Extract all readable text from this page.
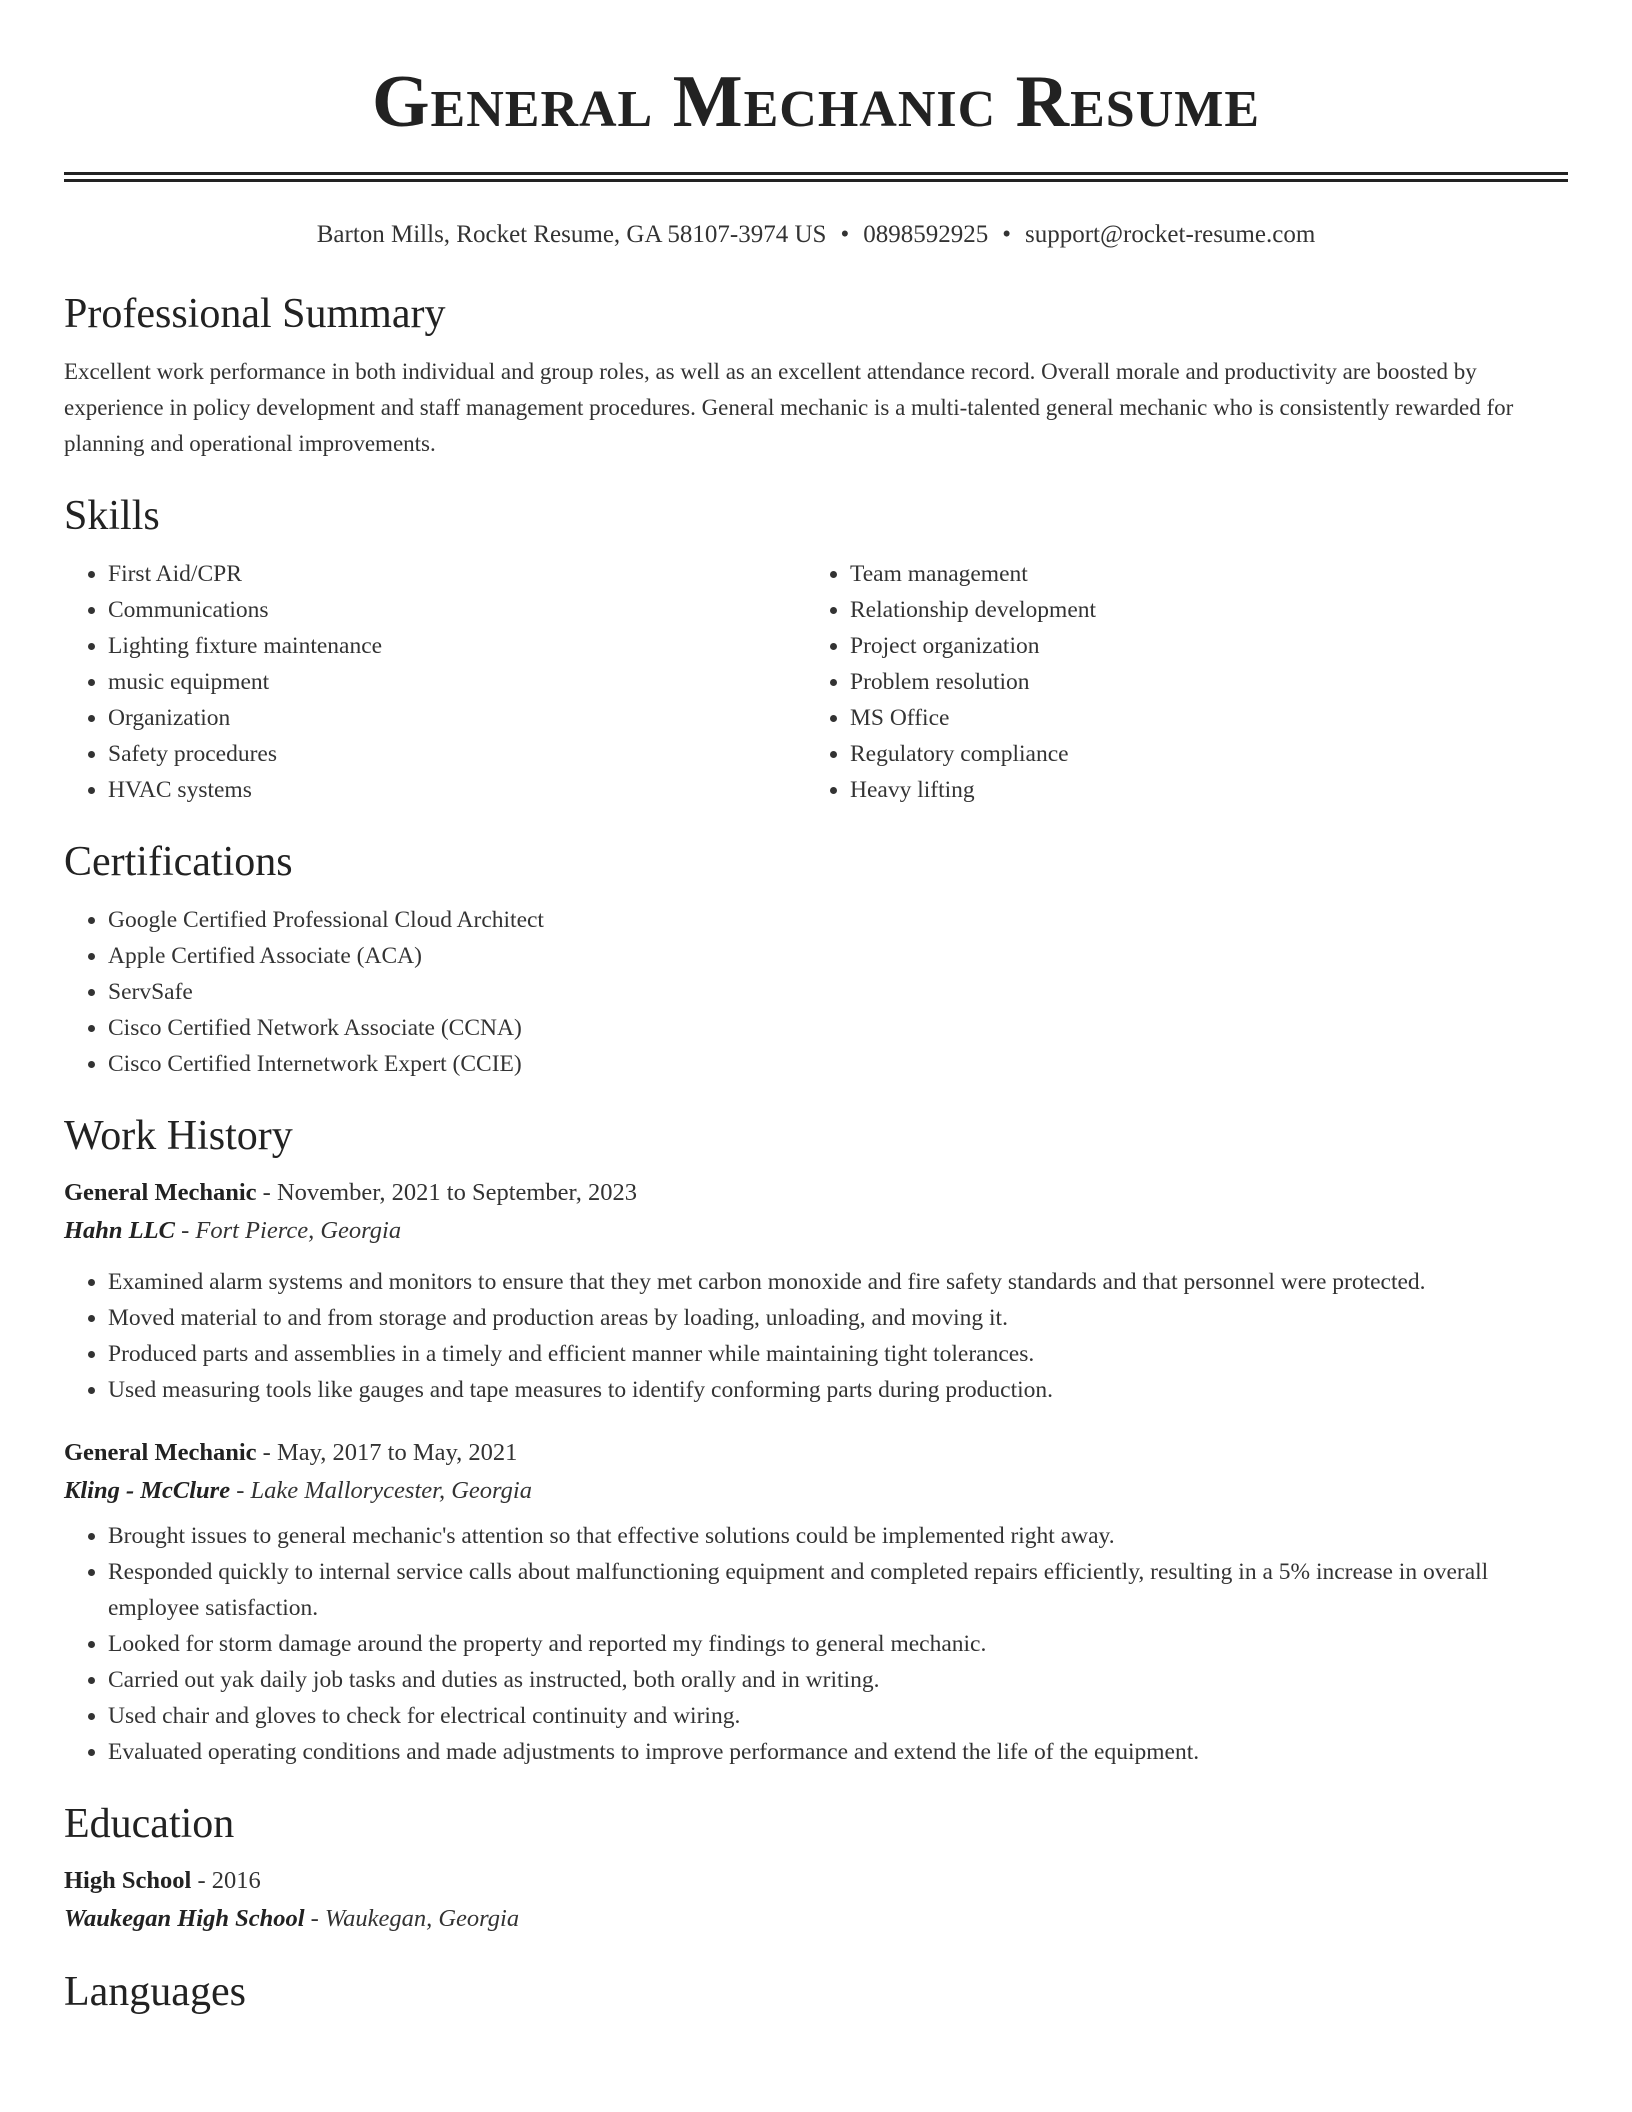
General Mechanic Resume
Barton Mills, Rocket Resume, GA 58107-3974 US • 0898592925 • support@rocket-resume.com
Professional Summary

Excellent work performance in both individual and group roles, as well as an excellent attendance record. Overall morale and productivity are boosted by experience in policy development and staff management procedures. General mechanic is a multi-talented general mechanic who is consistently rewarded for planning and operational improvements.

Skills
• First Aid/CPR
• Communications
• Lighting fixture maintenance
• music equipment
• Organization
• Safety procedures
• HVAC systems
• Team management
• Relationship development
• Project organization
• Problem resolution
• MS Office
• Regulatory compliance
• Heavy lifting
Certifications
• Google Certified Professional Cloud Architect
• Apple Certified Associate (ACA)
• ServSafe
• Cisco Certified Network Associate (CCNA)
• Cisco Certified Internetwork Expert (CCIE)
Work History
General Mechanic - November, 2021 to September, 2023
Hahn LLC - Fort Pierce, Georgia
• Examined alarm systems and monitors to ensure that they met carbon monoxide and fire safety standards and that personnel were protected.
• Moved material to and from storage and production areas by loading, unloading, and moving it.
• Produced parts and assemblies in a timely and efficient manner while maintaining tight tolerances.
• Used measuring tools like gauges and tape measures to identify conforming parts during production.
General Mechanic - May, 2017 to May, 2021
Kling - McClure - Lake Mallorycester, Georgia
• Brought issues to general mechanic's attention so that effective solutions could be implemented right away.
• Responded quickly to internal service calls about malfunctioning equipment and completed repairs efficiently, resulting in a 5% increase in overall employee satisfaction.
• Looked for storm damage around the property and reported my findings to general mechanic.
• Carried out yak daily job tasks and duties as instructed, both orally and in writing.
• Used chair and gloves to check for electrical continuity and wiring.
• Evaluated operating conditions and made adjustments to improve performance and extend the life of the equipment.
Education
High School - 2016
Waukegan High School - Waukegan, Georgia
Languages
